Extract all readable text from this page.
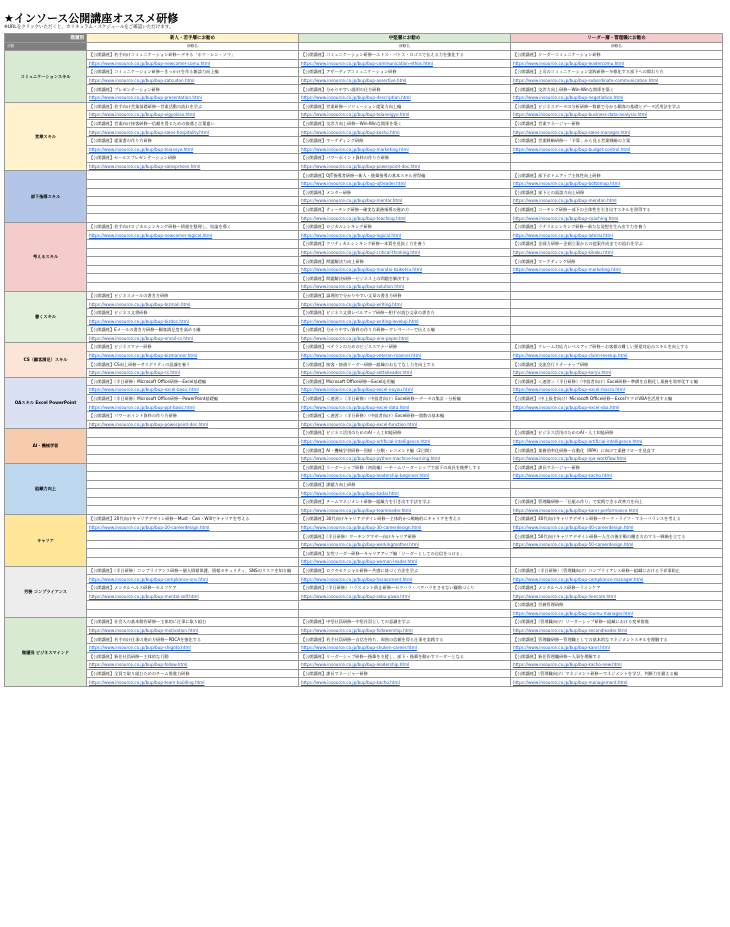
★インソース公開講座オススメ研修
※URLをクリックいただくと、カリキュラム・スケジュールをご確認いただけます。
階層別	新人・若手層にお勧め	中堅層にお勧め	リーダー層・管理職にお勧め
分類	研修名	研修名	研修名
コミュニケーションスキル	【公開講座】若手向けコミュニケーション研修～デキる「ホウ・レン・ソウ」	【公開講座】コミュニケーション研修～エトス・パトス・ロゴスで伝える力を強化する	【公開講座】リーダーコミュニケーション研修
	https://www.insource.co.jp/bup/bup-newcomer-comu.html	https://www.insource.co.jp/bup/bup-communication-ethos.html	https://www.insource.co.jp/bup/bup-leadercomu.html
	【公開講座】コミュニケーション研修～きっかけを作る雑談力向上編	【公開講座】アサーティブコミュニケーション研修	【公開講座】上司のコミュニケーション実践研修～多様化する部下への関わり方
	https://www.insource.co.jp/bup/bup-zatsudan.html	https://www.insource.co.jp/bup/bup-assertive.html	https://www.insource.co.jp/bup/bup-subordinate-communication.html
	【公開講座】プレゼンテーション研修	【公開講座】分かりやすい説明の仕方研修	【公開講座】交渉力向上研修～Win-Winな関係を築く
	https://www.insource.co.jp/bup/bup-presentation.html	https://www.insource.co.jp/bup/bup-description.html	https://www.insource.co.jp/bup/bup-negotiation.html
営業スキル	【公開講座】若手向け営業基礎研修～営業活動の流れを学ぶ	【公開講座】営業研修～ソリューション提案力向上編	【公開講座】ビジネスデータの分析研修～数値で分かる顧客の基礎とデータ活用法を学ぶ
	https://www.insource.co.jp/bup/bup-eigyokiso.html	https://www.insource.co.jp/bup/bup-teianeigyo.html	https://www.insource.co.jp/bup/bup-business-data-analysis.html
	【公開講座】営業向け接客研修～信頼を得るための接遇と言葉遣い	【公開講座】交渉力向上研修～Win-Winな関係を築く	【公開講座】営業マネージャー研修
	https://www.insource.co.jp/bup/bup-sales-hospitality.html	https://www.insource.co.jp/bup/bup-kosho.html	https://www.insource.co.jp/bup/bup-sales-manager.html
	【公開講座】提案書の作り方研修	【公開講座】マーケティング研修	【公開講座】営業戦略研修～「予算」から見る営業戦略の立案
	https://www.insource.co.jp/bup/bup-teiansyo.html	https://www.insource.co.jp/bup/bup-marketing.html	https://www.insource.co.jp/bup/bup-budget-control.html
	【公開講座】セールスプレゼンテーション研修	【公開講座】パワーポイント資料の作り方研修	
	https://www.insource.co.jp/bup/bup-salespresen.html	https://www.insource.co.jp/bup/bup-powerpoint-doc.html	
部下指導スキル		【公開講座】OJT指導者研修～新人・後輩指導の基本スキル習得編	【公開講座】部下ボトムアップ主体性向上研修
		https://www.insource.co.jp/bup/bup-ojtleader.html	https://www.insource.co.jp/bup/bup-bottomup.html
		【公開講座】メンター研修	【公開講座】部下との面談力向上研修
		https://www.insource.co.jp/bup/bup-mentor.html	https://www.insource.co.jp/bup/bup-mendan.html
		【公開講座】ティーチング研修～確実な業務指導の進め方	【公開講座】コーチング研修～部下の主体性を引き出すスキルを習得する
		https://www.insource.co.jp/bup/bup-teaching.html	https://www.insource.co.jp/bup/bup-coaching.html
考えるスキル	【公開講座】若手向けロジカルシンキング研修～情報を整理し、結論を導く	【公開講座】ロジカルシンキング研修	【公開講座】ラテラルシンキング研修～新たな発想を生み出す力を養う
	https://www.insource.co.jp/bup/bup-newcomer-logical.html	https://www.insource.co.jp/bup/bup-logical.html	https://www.insource.co.jp/bup/bup-lateral.html
		【公開講座】クリティカルシンキング研修～本質を見抜く力を養う	【公開講座】企画力研修～企画立案からの提案作成までの流れを学ぶ
		https://www.insource.co.jp/bup/bup-critical-thinking.html	https://www.insource.co.jp/bup/bup-kikaku.html
		【公開講座】問題解決力向上研修	【公開講座】マーケティング研修
		https://www.insource.co.jp/bup/bup-mondai-kaiketsu.html	https://www.insource.co.jp/bup/bup-marketing.html
		【公開講座】問題解決研修～ビジネス上の問題を解決する	
		https://www.insource.co.jp/bup/bup-solution.html	
書くスキル	【公開講座】ビジネスメールの書き方研修	【公開講座】論理的で分かりやすい文章の書き方研修	
	https://www.insource.co.jp/bup/bup-bizmail.html	https://www.insource.co.jp/bup/bup-writing.html	
	【公開講座】ビジネス文書研修	【公開講座】ビジネス文書レベルアップ研修～相手が読む文章の書き方	
	https://www.insource.co.jp/bup/bup-bizdoc.html	https://www.insource.co.jp/bup/bup-writing-levelup.html	
	【公開講座】Eメールの書き方研修～顧客満足度を高める編	【公開講座】分かりやすい資料の作り方研修～ワンペーパーで伝える編	
	https://www.insource.co.jp/bup/bup-email-cs.html	https://www.insource.co.jp/bup/bup-one-paper.html	
CS（顧客満足）スキル	【公開講座】ビジネスマナー研修	【公開講座】ベテランのためのビジネスマナー研修	【公開講座】クレーム対応力レベルアップ研修～お客様の難しい要望対応のスキルを向上する
	https://www.insource.co.jp/bup/bup-bizmanner.html	https://www.insource.co.jp/bup/bup-veteran-manner.html	https://www.insource.co.jp/bup/bup-claim-levelup.html
	【公開講座】CS向上研修～サスデリティの意識を養う	【公開講座】接客・接遇リーダー研修～組織のおもてなし力を向上する	【公開講座】交流会行リテーナップ研修
	https://www.insource.co.jp/bup/bup-cs.html	https://www.insource.co.jp/bup/bup-settaileader.html	https://www.insource.co.jp/bup/bup-koryu.html
OAスキル Excel PowerPoint	【公開講座】（半日研修）Microsoft Office研修～Excel基礎編	【公開講座】Microsoft Office研修～Excel応用編	【公開講座】＜速習＞（半日研修）（中級者向け）Excel研修～準備を自動化し業務を効率化する編
	https://www.insource.co.jp/bup/bup-excel-basic.html	https://www.insource.co.jp/bup/bup-excel-ouyou.html	https://www.insource.co.jp/bup/bup-excel-macro.html
	【公開講座】（半日研修）Microsoft Office研修～PowerPoint基礎編	【公開講座】＜速習＞（半日研修）（中級者向け）Excel研修～データの集計・分析編	【公開講座】（中上級者向け）Microsoft Office研修～ExcelマクロVBAを活用する編
	https://www.insource.co.jp/bup/bup-ppt-basic.html	https://www.insource.co.jp/bup/bup-excel-data.html	https://www.insource.co.jp/bup/bup-excel-vba.html
	【公開講座】パワーポイント資料の作り方研修	【公開講座】＜速習＞（半日研修）（中級者向け）Excel研修～関数の基本編	
	https://www.insource.co.jp/bup/bup-powerpoint-doc.html	https://www.insource.co.jp/bup/bup-excel-function.html	
AI・機械学習		【公開講座】ビジネス活用のためのAI・人工知能研修	【公開講座】ビジネス活用のためのAI・人工知能研修
		https://www.insource.co.jp/bup/bup-artificial-intelligence.html	https://www.insource.co.jp/bup/bup-artificial-intelligence.html
		【公開講座】AI・機械学習研修～回帰・分類・レコメンド編（2日間）	【公開講座】業務効率化研修～自動化（RPA）に向けて業務フローを見直す
		https://www.insource.co.jp/bup/bup-python-machine-learning.html	https://www.insource.co.jp/bup/bup-rpa-workflow.html
組織力向上		【公開講座】リーダーシップ研修（初級編）～チームリーダーシップで部下の成長を後押しする	【公開講座】課長マネージャー研修
		https://www.insource.co.jp/bup/bup-leadership-beginner.html	https://www.insource.co.jp/bup/bup-kacho.html
		【公開講座】課題力向上研修	
		https://www.insource.co.jp/bup/bup-kadai.html	
		【公開講座】チームマネジメント研修～組織力を引き出す手法を学ぶ	【公開講座】管理職研修～「仕組み作り」で実践できる改善力を向上
		https://www.insource.co.jp/bup/bup-teamleader.html	https://www.insource.co.jp/bup/bup-kanri-performance.html
キャリア	【公開講座】20代向けキャリアデザイン研修～Must・Can・Willでキャリアを考える	【公開講座】30代向けキャリアデザイン研修～主体的かつ戦略的にキャリアを考える	【公開講座】40代向けキャリアデザイン研修～ワーク・ライフ・マネーバランスを考える
	https://www.insource.co.jp/bup/bup-20-careerdesign.html	https://www.insource.co.jp/bup/bup-30-careerdesign.html	https://www.insource.co.jp/bup/bup-40-careerdesign.html
		【公開講座】（半日研修）ワーキングマザー向けキャリア研修	【公開講座】50代向けキャリアデザイン研修～人生の後半戦の働き方のマネー戦略を立てる
		https://www.insource.co.jp/bup/bup-workingmother.html	https://www.insource.co.jp/bup/bup-50-careerdesign.html
		【公開講座】女性リーダー研修～キャリアアップ編「リーダーとしての自信をつける」	
		https://www.insource.co.jp/bup/bup-woman-leader.html	
労務 コンプライアンス	【公開講座】（半日研修）コンプライアンス研修～個人情報保護、情報セキュリティ、SNSのリスクを知る編	【公開講座】ロクタセクシャル研修～共感に基づく方法を学ぶ	【公開講座】（半日研修）（管理職向け）コンプライアンス研修～組織における不祥事防止
	https://www.insource.co.jp/bup/bup-compliance-sns.html	https://www.insource.co.jp/bup/bup-harassment.html	https://www.insource.co.jp/bup/bup-compliance-manager.html
	【公開講座】メンタルヘルス研修～セルフケア	【公開講座】（半日研修）ハラスメント防止研修～セクハラ・パワハラをさせない職場づくり	【公開講座】メンタルヘルス研修～ラインケア
	https://www.insource.co.jp/bup/bup-mental-self.html	https://www.insource.co.jp/bup/bup-seku-pawa.html	https://www.insource.co.jp/bup/bup-linecare.html
			【公開講座】労務管理研修
			https://www.insource.co.jp/bup/bup-roumu-manager.html
階層別 ビジネスマインド	【公開講座】社会人の基本動作研修～主体的に仕事に取り組む	【公開講座】中堅社員研修～中堅社員としての意識を学ぶ	【公開講座】（管理職向け）リーダーシップ研修～組織における変革推進
	https://www.insource.co.jp/bup/bup-motivation.html	https://www.insource.co.jp/bup/bup-followership.html	https://www.insource.co.jp/bup/bup-secondleader.html
	【公開講座】若手向け仕事の進め方研修～PDCAを強化する	【公開講座】若手社員研修～自信を持ち、周囲の信頼を得る仕事を実践する	【公開講座】管理職研修～管理職としての基本的なマネジメントスキルを理解する
	https://www.insource.co.jp/bup/bup-shigoto.html	https://www.insource.co.jp/bup/bup-shuken-career.html	https://www.insource.co.jp/bup/bup-kanri.html
	【公開講座】新任社員研修～主体的な行動	【公開講座】リーダーシップ研修～後輩を支援し、部下・後輩を動かすリーダーとなる	【公開講座】新任管理職研修～人事を理解する
	https://www.insource.co.jp/bup/bup-follow.html	https://www.insource.co.jp/bup/bup-leadership.html	https://www.insource.co.jp/bup/bup-kacho-new.html
	【公開講座】全員で取り組むためのチーム推進力研修	【公開講座】課長マネージャー研修	【公開講座】（管理職向け）マネジメント研修～マネジメントを学び、判断力を鍛える編
	https://www.insource.co.jp/bup/bup-team-building.html	https://www.insource.co.jp/bup/bup-kacho.html	https://www.insource.co.jp/bup/bup-management.html
